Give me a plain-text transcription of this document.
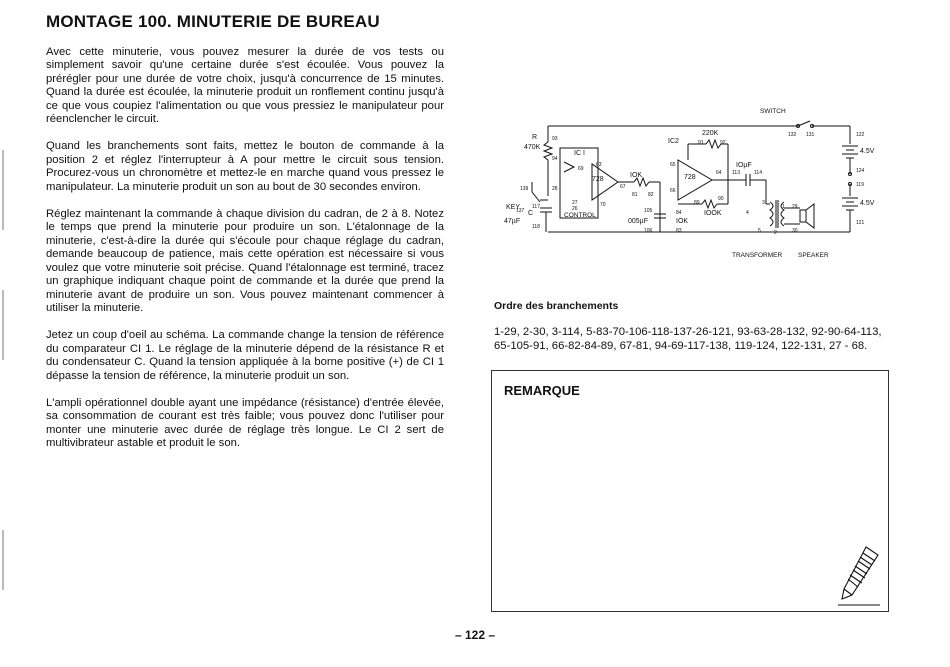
MONTAGE 100. MINUTERIE DE BUREAU

Avec cette minuterie, vous pouvez mesurer la durée de vos tests ou simplement savoir qu'une certaine durée s'est écoulée. Vous pouvez la prérégler pour une durée de votre choix, jusqu'à concurrence de 15 minutes. Quand la durée est écoulée, la minuterie produit un ronflement continu jusqu'à ce que vous coupiez l'alimentation ou que vous pressiez le manipulateur pour réenclencher le circuit.

Quand les branchements sont faits, mettez le bouton de commande à la position 2 et réglez l'interrupteur à A pour mettre le circuit sous tension. Procurez-vous un chronomètre et mettez-le en marche quand vous pressez le manipulateur. La minuterie produit un son au bout de 30 secondes environ.

Réglez maintenant la commande à chaque division du cadran, de 2 à 8. Notez le temps que prend la minuterie pour produire un son. L'étalonnage de la minuterie, c'est-à-dire la durée qui s'écoule pour chaque réglage du cadran, demande beaucoup de patience, mais cette opération est nécessaire si vous voulez que votre minuterie soit précise. Quand l'étalonnage est terminé, tracez un graphique indiquant chaque point de commande et la durée que prend la minuterie avant de produire un son. Vous pouvez maintenant commencer à utiliser la minuterie.

Jetez un coup d'oeil au schéma. La commande change la tension de référence du comparateur CI 1. Le réglage de la minuterie dépend de la résistance R et du condensateur C. Quand la tension appliquée à la borne positive (+) de CI 1 dépasse la tension de référence, la minuterie produit un son.

L'ampli opérationnel double ayant une impédance (résistance) d'entrée élevée, sa consommation de courant est très faible; vous pouvez donc l'utiliser pour monter une minuterie avec durée de réglage très longue. Le CI 2 sert de multivibrateur astable et produit le son.

SWITCH
TRANSFORMER SPEAKER
KEY
CONTROL
IC I
IC2
728	728
R
470K
C
47µF
220K
IOK
IOK
IOOK
005µF
IOµF
4.5V
4.5V
93
94
139	28
137
117
118
69
63
27
26
70
67
81 82
105
106
91	92
65
66
64
84
83
89
90
113	114
132 131	122
124
119
121
29
30
2
3
4
5
1
I
Ordre des branchements

1-29, 2-30, 3-114, 5-83-70-106-118-137-26-121, 93-63-28-132, 92-90-64-113, 65-105-91, 66-82-84-89, 67-81, 94-69-117-138, 119-124, 122-131, 27 - 68.

REMARQUE
– 122 –
